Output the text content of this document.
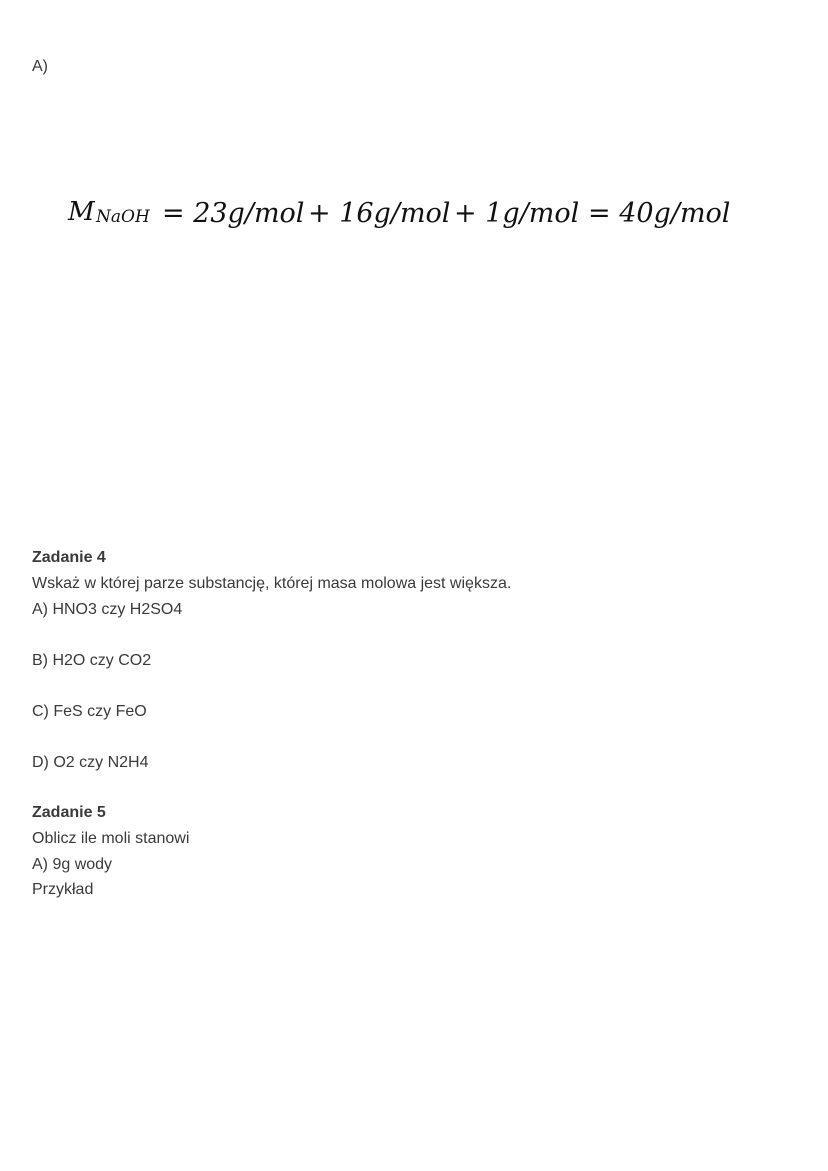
A)
M NaOH = 23g/mol + 16g/mol + 1g/mol = 40g/mol
Zadanie 4
Wskaż w której parze substancję, której masa molowa jest większa.
A) HNO3 czy H2SO4
B) H2O czy CO2
C) FeS czy FeO
D) O2 czy N2H4
Zadanie 5
Oblicz ile moli stanowi
A) 9g wody
Przykład
